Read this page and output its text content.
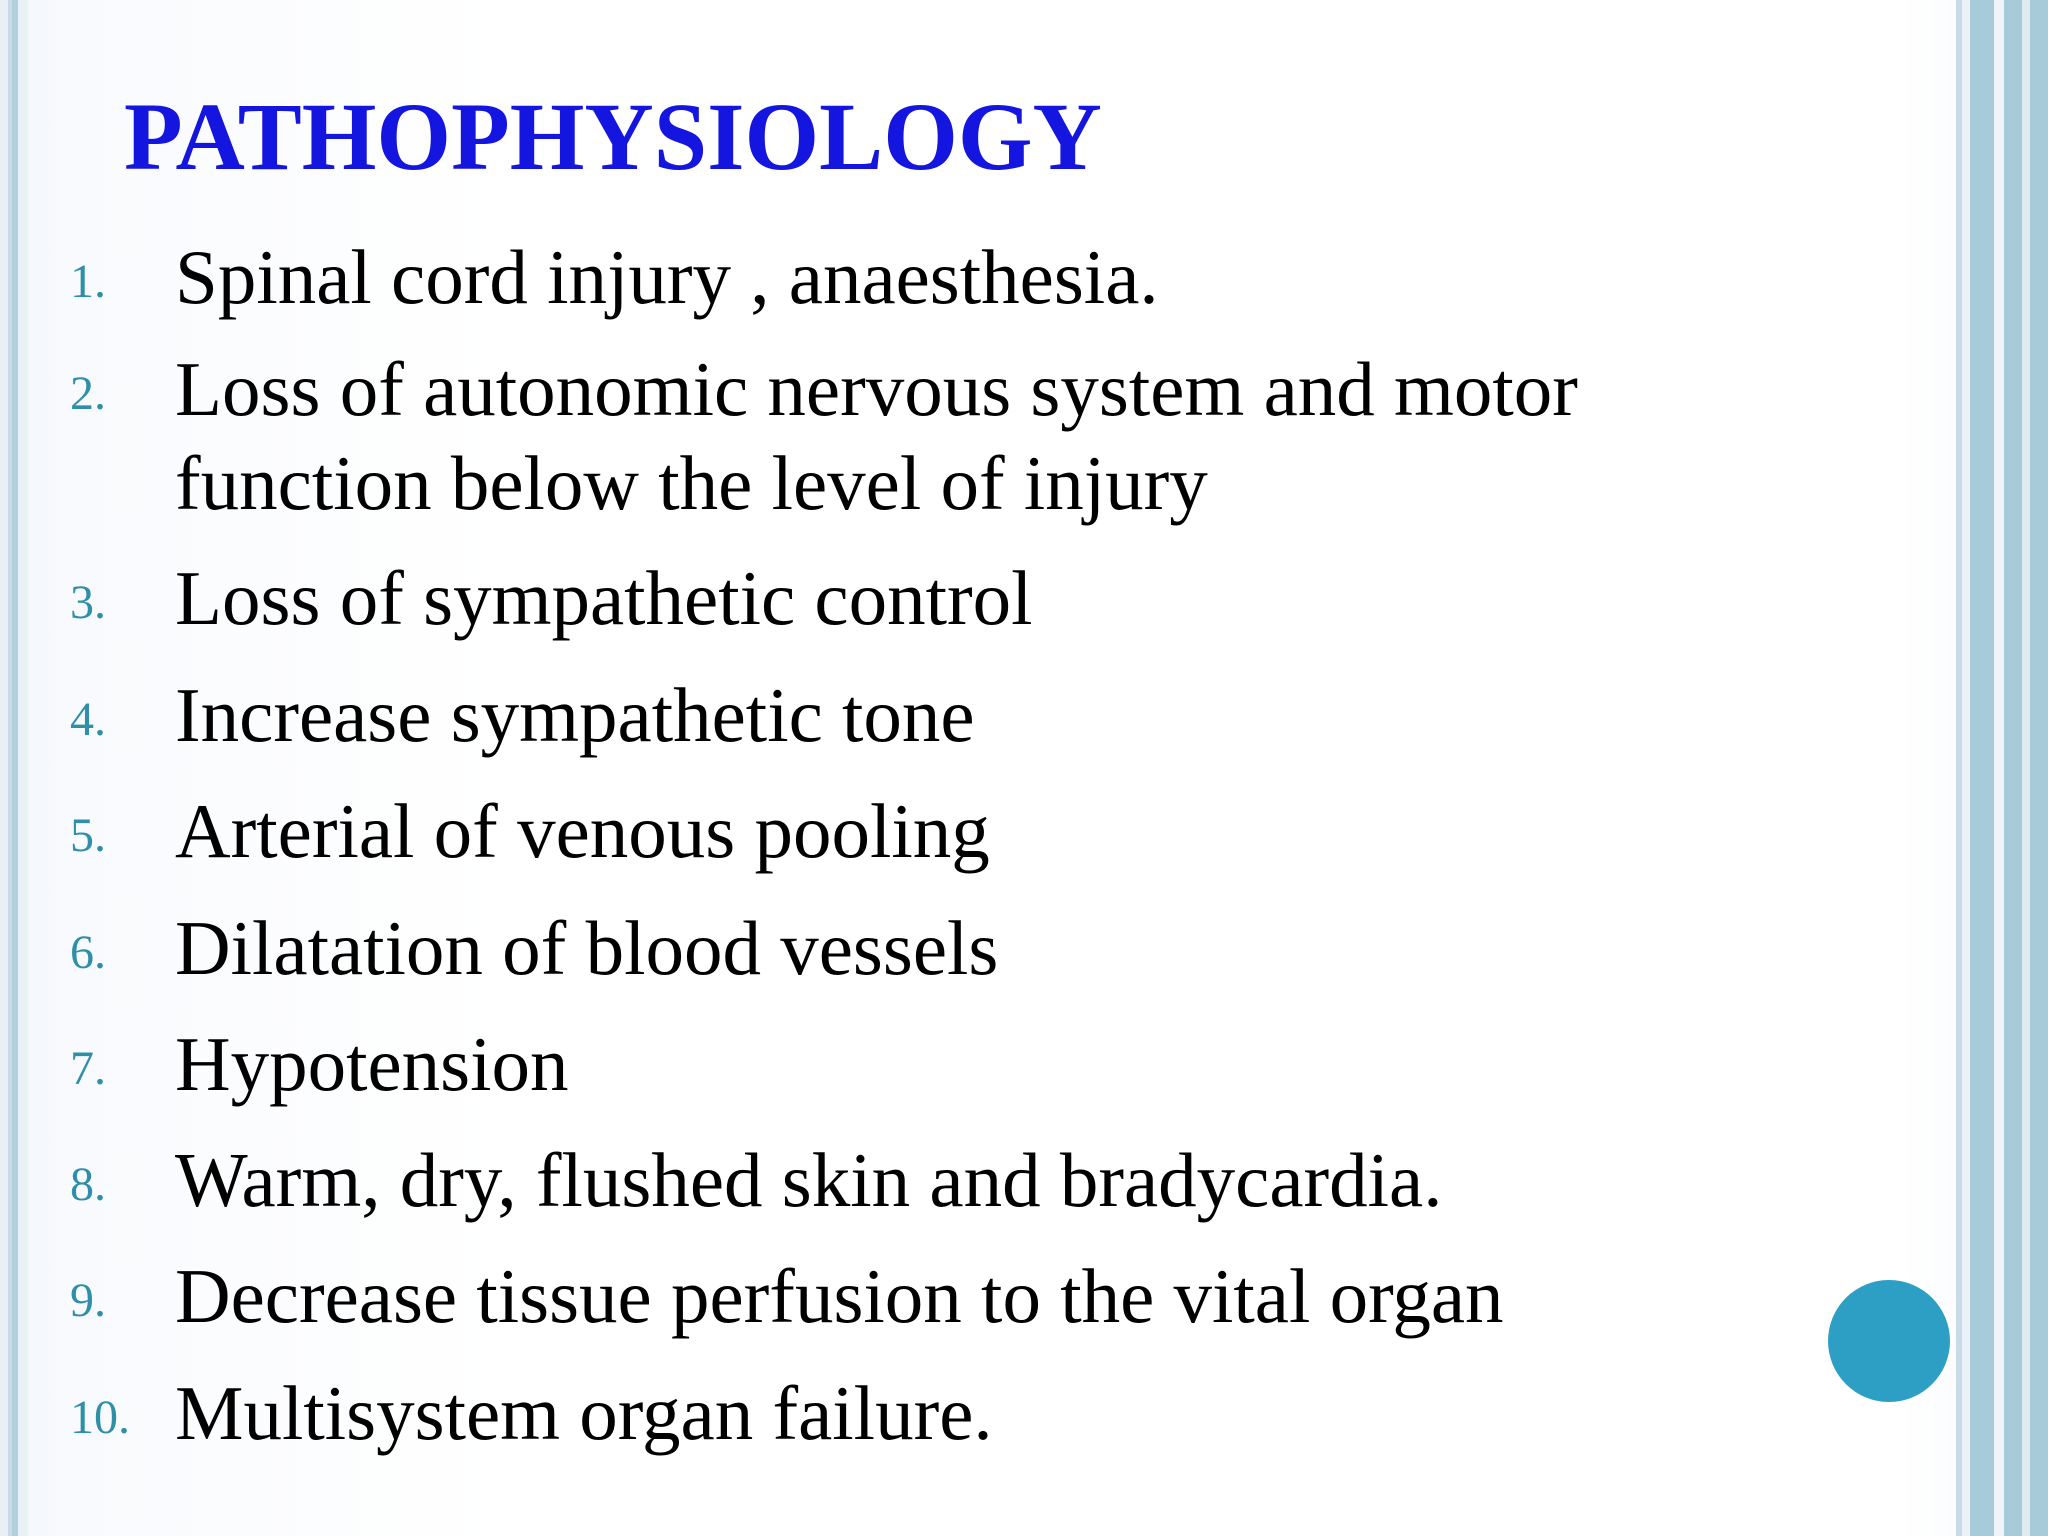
PATHOPHYSIOLOGY
1. Spinal cord injury , anaesthesia.
2. Loss of autonomic nervous system and motor
function below the level of injury
3. Loss of sympathetic control
4. Increase sympathetic tone
5. Arterial of venous pooling
6. Dilatation of blood vessels
7. Hypotension
8. Warm, dry, flushed skin and bradycardia.
9. Decrease tissue perfusion to the vital organ
10. Multisystem organ failure.
